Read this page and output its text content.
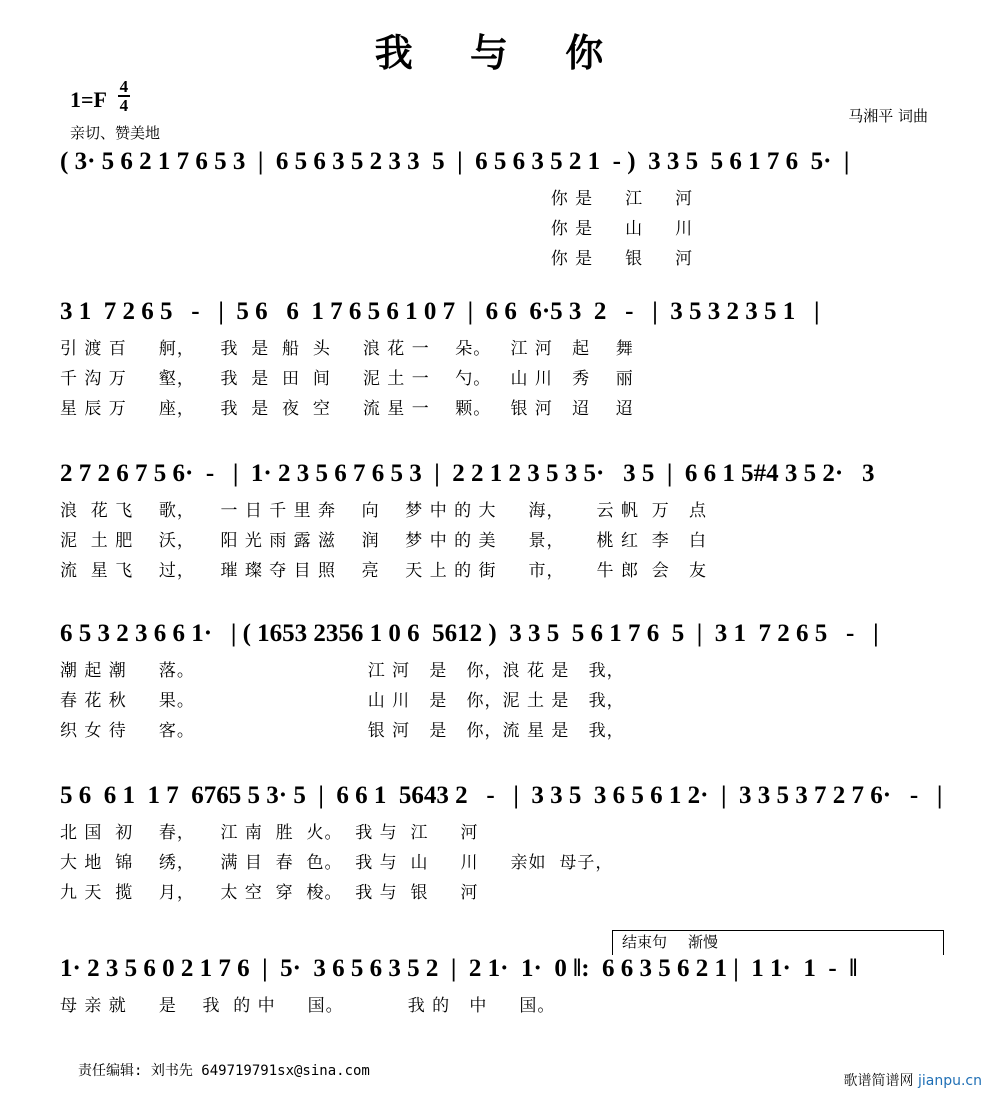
我 与 你
$1=F \frac{4}{4}$
亲切、赞美地
马湘平 词曲
( 3· 5 6 2 1 7 6 5 3  |  6 5 6 3 5 2 3 3  5  |  6 5 6 3 5 2 1  - )  3 3 5  5 6 1 7 6  5·  |
你 是     江     河
你 是     山     川
你 是     银     河
3 1  7 2 6 5   -   |  5 6   6  1 7 6 5 6 1 0 7  |  6 6  6·5 3  2   -   |  3 5 3 2 3 5 1   |
引 渡 百     舸，    我  是  船  头     浪 花 一    朵。   江 河   起    舞
千 沟 万     壑，    我  是  田  间     泥 土 一    勺。   山 川   秀    丽
星 辰 万     座，    我  是  夜  空     流 星 一    颗。   银 河   迢    迢
2 7 2 6 7 5 6·  -   |  1· 2 3 5 6 7 6 5 3  |  2 2 1 2 3 5 3 5·   3 5  |  6 6 1 5#4 3 5 2·   3
浪  花 飞    歌，    一 日 千 里 奔    向    梦 中 的 大     海，     云 帆  万   点
泥  土 肥    沃，    阳 光 雨 露 滋    润    梦 中 的 美     景，     桃 红  李   白
流  星 飞    过，    璀 璨 夺 目 照    亮    天 上 的 街     市，     牛 郎  会   友
6 5 3 2 3 6 6 1·   | ( 1653 2356 1 0 6  5612 )  3 3 5  5 6 1 7 6  5  |  3 1  7 2 6 5   -   |
潮 起 潮     落。                           江 河   是   你，浪 花 是   我，
春 花 秋     果。                           山 川   是   你，泥 土 是   我，
织 女 待     客。                           银 河   是   你，流 星 是   我，
5 6  6 1  1 7  6765 5 3· 5  |  6 6 1  5643 2   -   |  3 3 5  3 6 5 6 1 2·  |  3 3 5 3 7 2 7 6·   -   |
北 国  初    春，    江 南  胜  火。  我 与  江     河
大 地  锦    绣，    满 目  春  色。  我 与  山     川     亲如  母子，
九 天  揽    月，    太 空  穿  梭。  我 与  银     河
结束句 渐慢
1· 2 3 5 6 0 2 1 7 6  |  5·  3 6 5 6 3 5 2  |  2 1·  1·  0 ‖:  6 6 3 5 6 2 1 |  1 1·  1  -  ‖
母 亲 就     是    我  的 中     国。          我 的   中     国。
责任编辑: 刘书先 649719791sx@sina.com
歌谱简谱网 jianpu.cn
